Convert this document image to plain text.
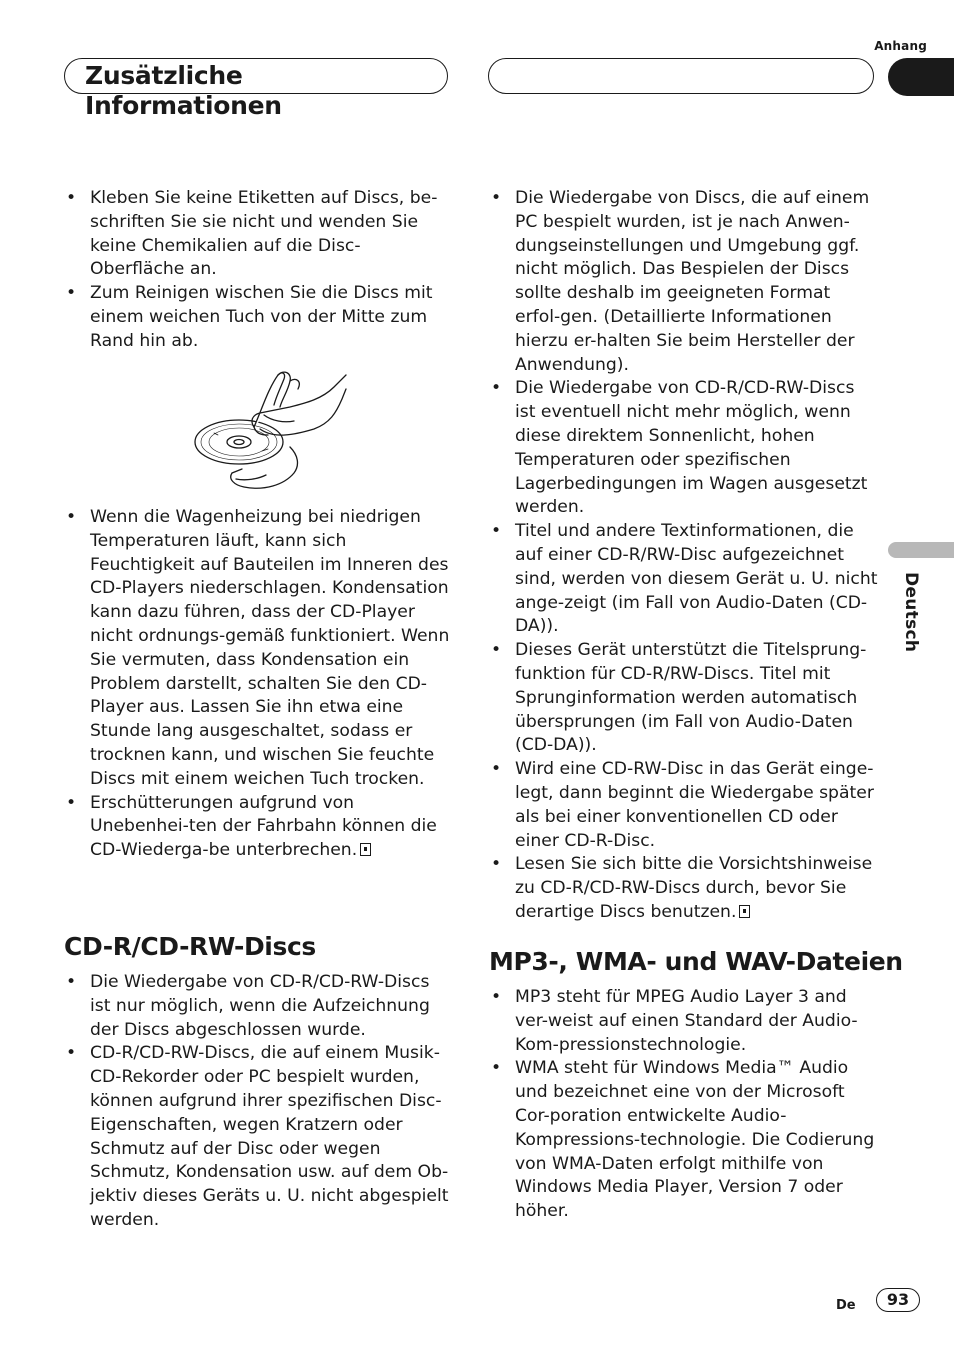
Anhang
Zusätzliche Informationen
Deutsch
• Kleben Sie keine Etiketten auf Discs, be-schriften Sie sie nicht und wenden Sie keine Chemikalien auf die Disc-Oberfläche an.
• Zum Reinigen wischen Sie die Discs mit einem weichen Tuch von der Mitte zum Rand hin ab.
• Wenn die Wagenheizung bei niedrigen Temperaturen läuft, kann sich Feuchtigkeit auf Bauteilen im Inneren des CD-Players niederschlagen. Kondensation kann dazu führen, dass der CD-Player nicht ordnungs-gemäß funktioniert. Wenn Sie vermuten, dass Kondensation ein Problem darstellt, schalten Sie den CD-Player aus. Lassen Sie ihn etwa eine Stunde lang ausgeschaltet, sodass er trocknen kann, und wischen Sie feuchte Discs mit einem weichen Tuch trocken.
• Erschütterungen aufgrund von Unebenhei-ten der Fahrbahn können die CD-Wiederga-be unterbrechen.
CD-R/CD-RW-Discs
• Die Wiedergabe von CD-R/CD-RW-Discs ist nur möglich, wenn die Aufzeichnung der Discs abgeschlossen wurde.
• CD-R/CD-RW-Discs, die auf einem Musik-CD-Rekorder oder PC bespielt wurden, können aufgrund ihrer spezifischen Disc-Eigenschaften, wegen Kratzern oder Schmutz auf der Disc oder wegen Schmutz, Kondensation usw. auf dem Ob-jektiv dieses Geräts u. U. nicht abgespielt werden.
• Die Wiedergabe von Discs, die auf einem PC bespielt wurden, ist je nach Anwen-dungseinstellungen und Umgebung ggf. nicht möglich. Das Bespielen der Discs sollte deshalb im geeigneten Format erfol-gen. (Detaillierte Informationen hierzu er-halten Sie beim Hersteller der Anwendung).
• Die Wiedergabe von CD-R/CD-RW-Discs ist eventuell nicht mehr möglich, wenn diese direktem Sonnenlicht, hohen Temperaturen oder spezifischen Lagerbedingungen im Wagen ausgesetzt werden.
• Titel und andere Textinformationen, die auf einer CD-R/RW-Disc aufgezeichnet sind, werden von diesem Gerät u. U. nicht ange-zeigt (im Fall von Audio-Daten (CD-DA)).
• Dieses Gerät unterstützt die Titelsprung-funktion für CD-R/RW-Discs. Titel mit Sprunginformation werden automatisch übersprungen (im Fall von Audio-Daten (CD-DA)).
• Wird eine CD-RW-Disc in das Gerät einge-legt, dann beginnt die Wiedergabe später als bei einer konventionellen CD oder einer CD-R-Disc.
• Lesen Sie sich bitte die Vorsichtshinweise zu CD-R/CD-RW-Discs durch, bevor Sie derartige Discs benutzen.
MP3-, WMA- und WAV-Dateien
• MP3 steht für MPEG Audio Layer 3 and ver-weist auf einen Standard der Audio-Kom-pressionstechnologie.
• WMA steht für Windows Media™ Audio und bezeichnet eine von der Microsoft Cor-poration entwickelte Audio-Kompressions-technologie. Die Codierung von WMA-Daten erfolgt mithilfe von Windows Media Player, Version 7 oder höher.
De	93
